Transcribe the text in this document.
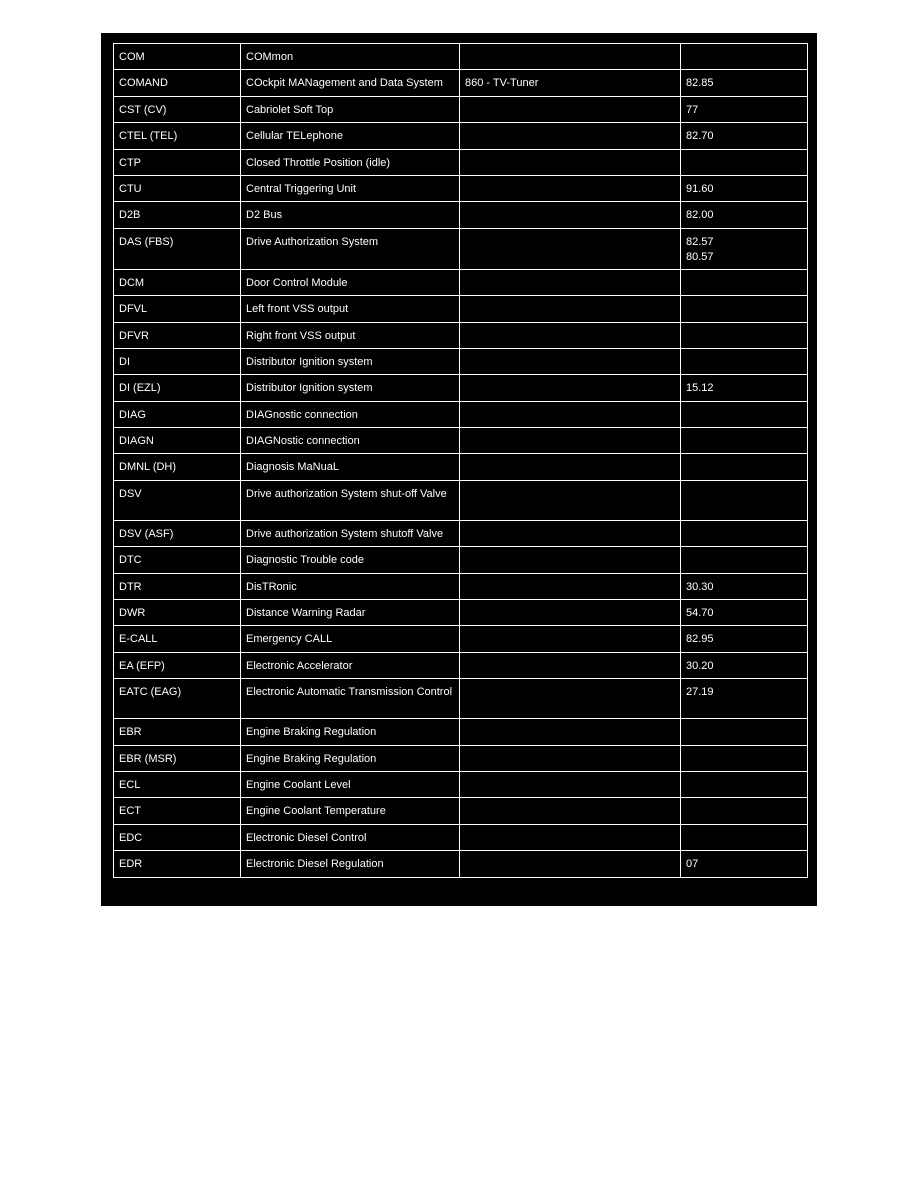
COM	COMmon		
COMAND	COckpit MANagement and Data System	860 - TV-Tuner	82.85

CST (CV)	Cabriolet Soft Top		77

CTEL (TEL)	Cellular TELephone		82.70

CTP	Closed Throttle Position (idle)		
CTU	Central Triggering Unit		91.60

D2B	D2 Bus		82.00

DAS (FBS)	Drive Authorization System		82.57
80.57

DCM	Door Control Module		
DFVL	Left front VSS output		
DFVR	Right front VSS output		
DI	Distributor Ignition system		
DI (EZL)	Distributor Ignition system		15.12

DIAG	DIAGnostic connection		
DIAGN	DIAGNostic connection		
DMNL (DH)	Diagnosis MaNuaL		
DSV	Drive authorization System shut-off Valve		
DSV (ASF)	Drive authorization System shutoff Valve		
DTC	Diagnostic Trouble code		
DTR	DisTRonic		30.30

DWR	Distance Warning Radar		54.70

E-CALL	Emergency CALL		82.95

EA (EFP)	Electronic Accelerator		30.20

EATC (EAG)	Electronic Automatic Transmission Control		27.19

EBR	Engine Braking Regulation		
EBR (MSR)	Engine Braking Regulation		
ECL	Engine Coolant Level		
ECT	Engine Coolant Temperature		
EDC	Electronic Diesel Control		
EDR	Electronic Diesel Regulation		07
